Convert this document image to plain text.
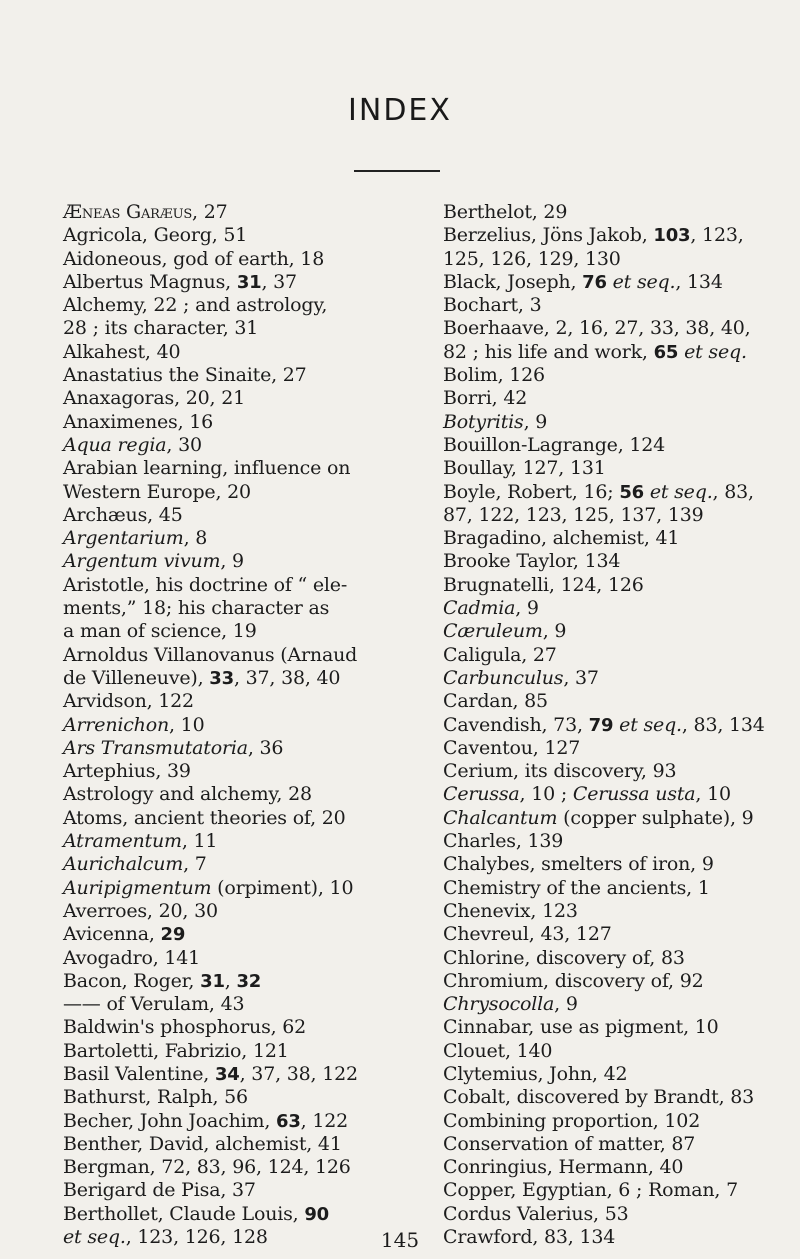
INDEX
Æneas Garæus, 27
Agricola, Georg, 51
Aidoneous, god of earth, 18
Albertus Magnus, 31, 37
Alchemy, 22 ; and astrology,
28 ; its character, 31
Alkahest, 40
Anastatius the Sinaite, 27
Anaxagoras, 20, 21
Anaximenes, 16
Aqua regia, 30
Arabian learning, influence on
Western Europe, 20
Archæus, 45
Argentarium, 8
Argentum vivum, 9
Aristotle, his doctrine of “ ele-
ments,” 18; his character as
a man of science, 19
Arnoldus Villanovanus (Arnaud
de Villeneuve), 33, 37, 38, 40
Arvidson, 122
Arrenichon, 10
Ars Transmutatoria, 36
Artephius, 39
Astrology and alchemy, 28
Atoms, ancient theories of, 20
Atramentum, 11
Aurichalcum, 7
Auripigmentum (orpiment), 10
Averroes, 20, 30
Avicenna, 29
Avogadro, 141
Bacon, Roger, 31, 32
—— of Verulam, 43
Baldwin's phosphorus, 62
Bartoletti, Fabrizio, 121
Basil Valentine, 34, 37, 38, 122
Bathurst, Ralph, 56
Becher, John Joachim, 63, 122
Benther, David, alchemist, 41
Bergman, 72, 83, 96, 124, 126
Berigard de Pisa, 37
Berthollet, Claude Louis, 90
et seq., 123, 126, 128
Berthelot, 29
Berzelius, Jöns Jakob, 103, 123,
125, 126, 129, 130
Black, Joseph, 76 et seq., 134
Bochart, 3
Boerhaave, 2, 16, 27, 33, 38, 40,
82 ; his life and work, 65 et seq.
Bolim, 126
Borri, 42
Botyritis, 9
Bouillon-Lagrange, 124
Boullay, 127, 131
Boyle, Robert, 16; 56 et seq., 83,
87, 122, 123, 125, 137, 139
Bragadino, alchemist, 41
Brooke Taylor, 134
Brugnatelli, 124, 126
Cadmia, 9
Cæruleum, 9
Caligula, 27
Carbunculus, 37
Cardan, 85
Cavendish, 73, 79 et seq., 83, 134
Caventou, 127
Cerium, its discovery, 93
Cerussa, 10 ; Cerussa usta, 10
Chalcantum (copper sulphate), 9
Charles, 139
Chalybes, smelters of iron, 9
Chemistry of the ancients, 1
Chenevix, 123
Chevreul, 43, 127
Chlorine, discovery of, 83
Chromium, discovery of, 92
Chrysocolla, 9
Cinnabar, use as pigment, 10
Clouet, 140
Clytemius, John, 42
Cobalt, discovered by Brandt, 83
Combining proportion, 102
Conservation of matter, 87
Conringius, Hermann, 40
Copper, Egyptian, 6 ; Roman, 7
Cordus Valerius, 53
Crawford, 83, 134
145
